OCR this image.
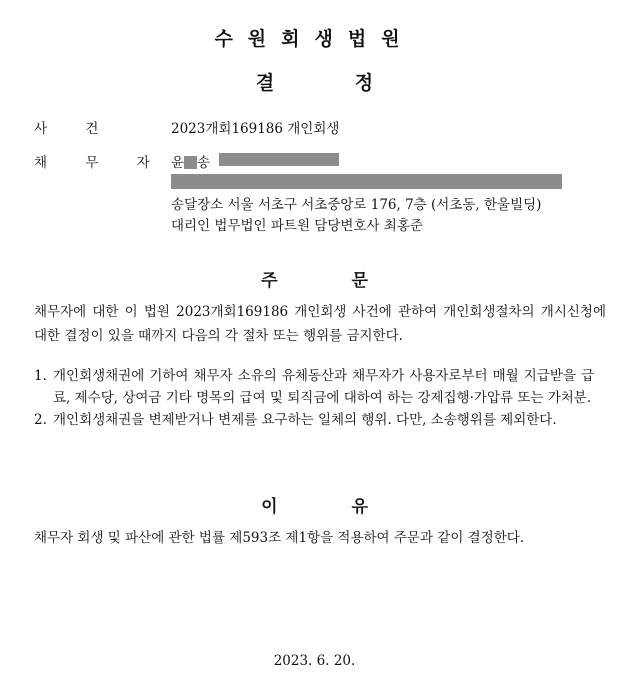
수원회생법원
결 정
사 건	2023개회169186 개인회생
채 무 자 윤 송
송달장소 서울 서초구 서초중앙로 176, 7층 (서초동, 한울빌딩)
대리인 법무법인 파트원 담당변호사 최홍준
주 문
채무자에 대한 이 법원 2023개회169186 개인회생 사건에 관하여 개인회생절차의 개시신청에 대한 결정이 있을 때까지 다음의 각 절차 또는 행위를 금지한다.
1. 개인회생채권에 기하여 채무자 소유의 유체동산과 채무자가 사용자로부터 매월 지급받을 급료, 제수당, 상여금 기타 명목의 급여 및 퇴직금에 대하여 하는 강제집행·가압류 또는 가처분.
2. 개인회생채권을 변제받거나 변제를 요구하는 일체의 행위. 다만, 소송행위를 제외한다.
이 유
채무자 회생 및 파산에 관한 법률 제593조 제1항을 적용하여 주문과 같이 결정한다.
2023. 6. 20.
